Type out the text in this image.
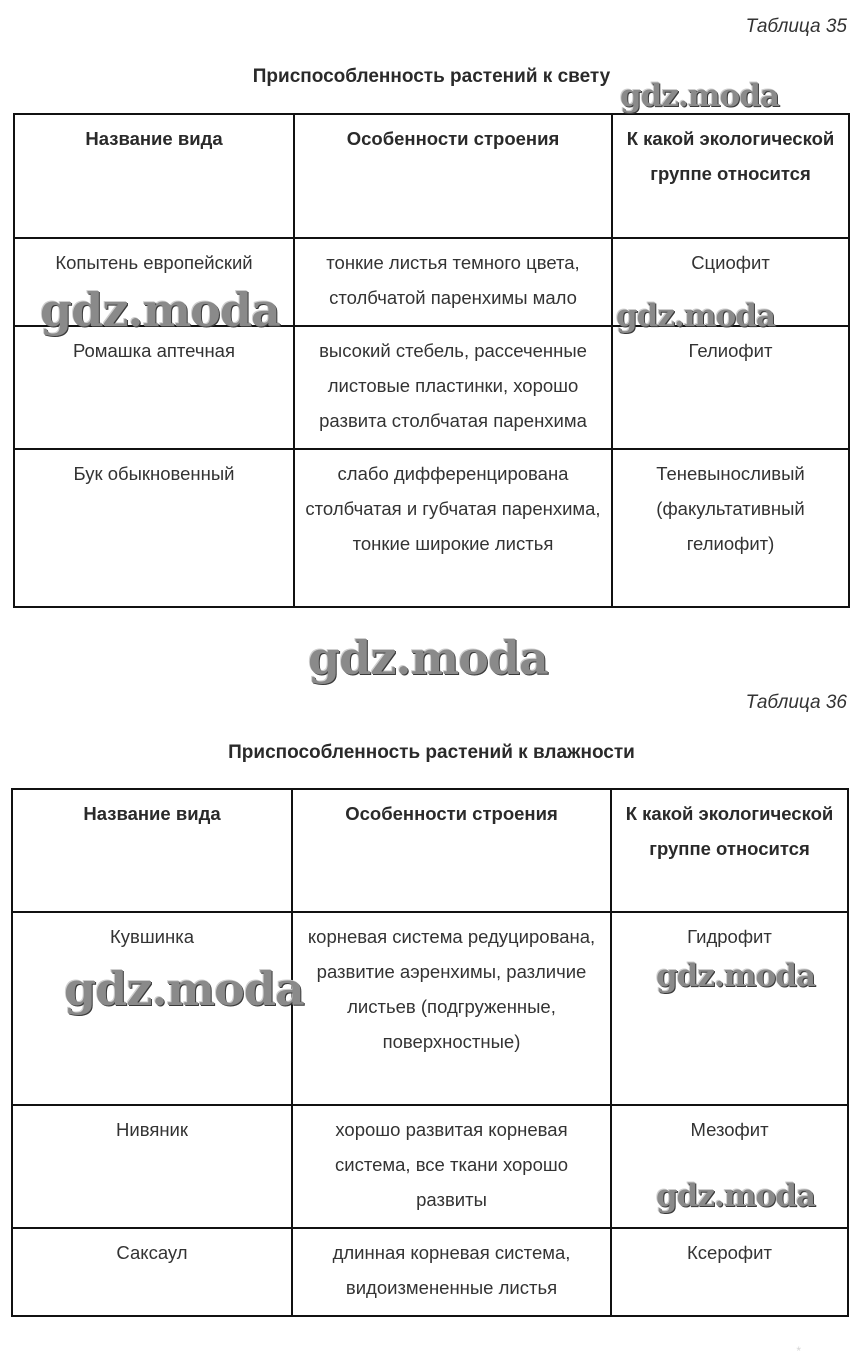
Таблица 35
Приспособленность растений к свету
Название вида	Особенности строения	К какой экологической группе относится
Копытень европейский	тонкие листья темного цвета, столбчатой паренхимы мало	Сциофит
Ромашка аптечная	высокий стебель, рассеченные листовые пластинки, хорошо развита столбчатая паренхима	Гелиофит
Бук обыкновенный	слабо дифференцирована столбчатая и губчатая паренхима, тонкие широкие листья	Теневыносливый (факультативный гелиофит)
Таблица 36
Приспособленность растений к влажности
Название вида	Особенности строения	К какой экологической группе относится
Кувшинка	корневая система редуцирована, развитие аэренхимы, различие листьев (подгруженные, поверхностные)	Гидрофит
Нивяник	хорошо развитая корневая система, все ткани хорошо развиты	Мезофит
Саксаул	длинная корневая система, видоизмененные листья	Ксерофит
gdz.moda
gdz.moda	gdz.moda
gdz.moda
gdz.moda	gdz.moda
gdz.moda
*
